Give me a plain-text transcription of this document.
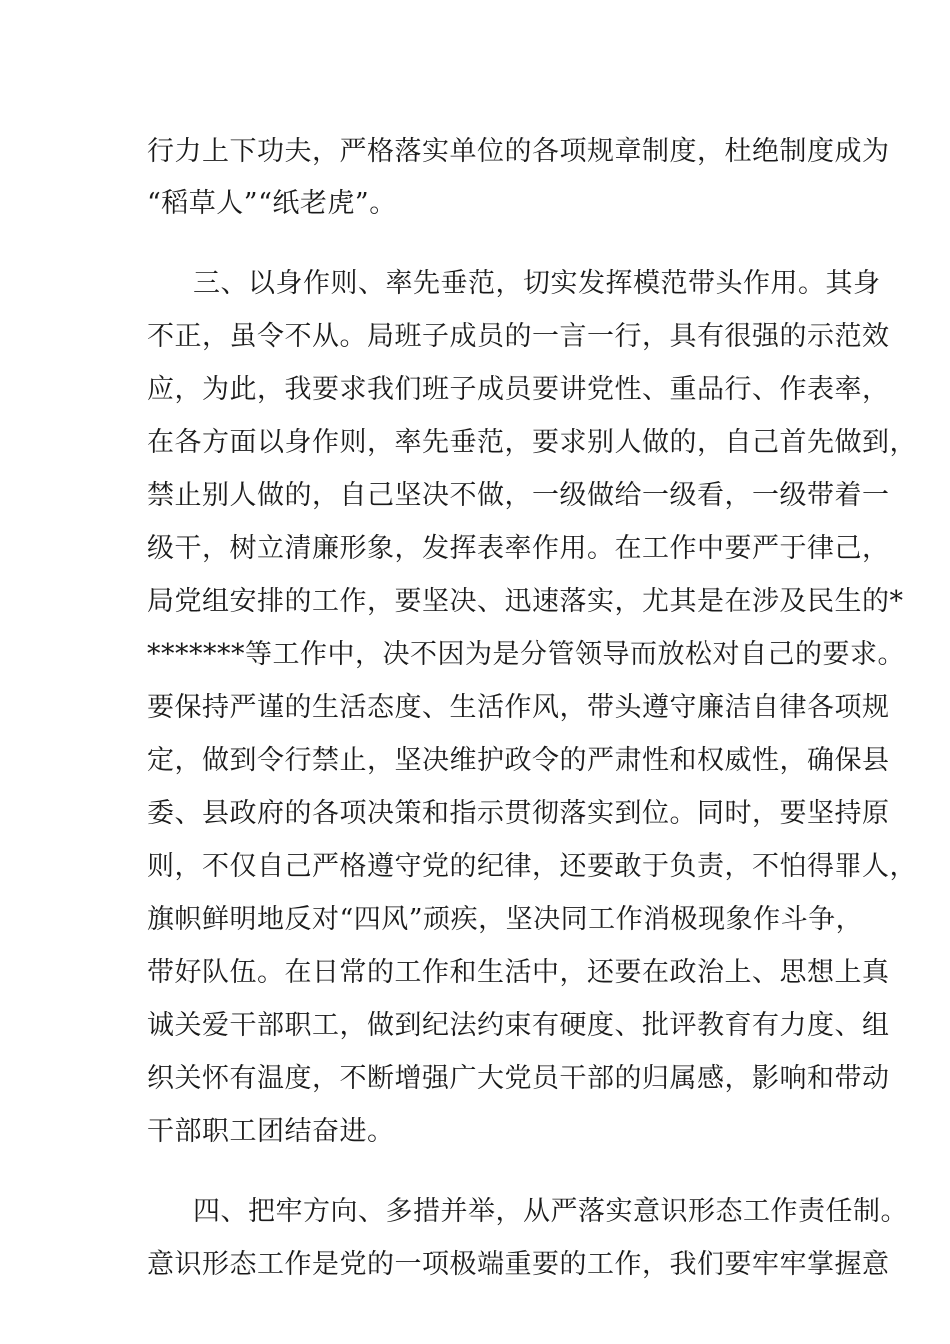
行力上下功夫，严格落实单位的各项规章制度，杜绝制度成为
“稻草人”“纸老虎”。
三、以身作则、率先垂范，切实发挥模范带头作用。其身
不正，虽令不从。局班子成员的一言一行，具有很强的示范效
应，为此，我要求我们班子成员要讲党性、重品行、作表率，
在各方面以身作则，率先垂范，要求别人做的，自己首先做到，
禁止别人做的，自己坚决不做，一级做给一级看，一级带着一
级干，树立清廉形象，发挥表率作用。在工作中要严于律己，
局党组安排的工作，要坚决、迅速落实，尤其是在涉及民生的*
*******等工作中，决不因为是分管领导而放松对自己的要求。
要保持严谨的生活态度、生活作风，带头遵守廉洁自律各项规
定，做到令行禁止，坚决维护政令的严肃性和权威性，确保县
委、县政府的各项决策和指示贯彻落实到位。同时，要坚持原
则，不仅自己严格遵守党的纪律，还要敢于负责，不怕得罪人，
旗帜鲜明地反对“四风”顽疾，坚决同工作消极现象作斗争，
带好队伍。在日常的工作和生活中，还要在政治上、思想上真
诚关爱干部职工，做到纪法约束有硬度、批评教育有力度、组
织关怀有温度，不断增强广大党员干部的归属感，影响和带动
干部职工团结奋进。
四、把牢方向、多措并举，从严落实意识形态工作责任制。
意识形态工作是党的一项极端重要的工作，我们要牢牢掌握意
